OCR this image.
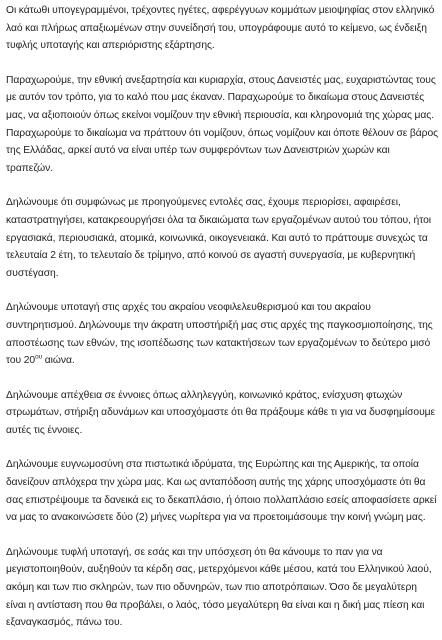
Οι κάτωθι υπογεγραμμένοι, τρέχοντες ηγέτες, αφερέγγυων κομμάτων μειοψηφίας στον ελληνικό λαό και πλήρως απαξιωμένων στην συνείδησή του, υπογράφουμε αυτό το κείμενο, ως ένδειξη τυφλής υποταγής και απεριόριστης εξάρτησης.

Παραχωρούμε, την εθνική ανεξαρτησία και κυριαρχία, στους Δανειστές μας, ευχαριστώντας τους με αυτόν τον τρόπο, για το καλό που μας έκαναν. Παραχωρούμε το δικαίωμα στους Δανειστές μας, να αξιοποιούν όπως εκείνοι νομίζουν την εθνική περιουσία, και κληρονομιά της χώρας μας. Παραχωρούμε το δικαίωμα να πράττουν ότι νομίζουν, όπως νομίζουν και όποτε θέλουν σε βάρος της Ελλάδας, αρκεί αυτό να είναι υπέρ των συμφερόντων των Δανειστριών χωρών και τραπεζών.

Δηλώνουμε ότι συμφώνως με προηγούμενες εντολές σας, έχουμε περιορίσει, αφαιρέσει, καταστρατηγήσει, κατακρεουργήσει όλα τα δικαιώματα των εργαζομένων αυτού του τόπου, ήτοι εργασιακά, περιουσιακά, ατομικά, κοινωνικά, οικογενειακά. Και αυτό το πράττουμε συνεχώς τα τελευταία 2 έτη, το τελευταίο δε τρίμηνο, από κοινού σε αγαστή συνεργασία, με κυβερνητική συστέγαση.

Δηλώνουμε υποταγή στις αρχές του ακραίου νεοφιλελευθερισμού και του ακραίου συντηρητισμού. Δηλώνουμε την άκρατη υποστήριξή μας στις αρχές της παγκοσμιοποίησης, της αποστέωσης των εθνών, της ισοπέδωσης των κατακτήσεων των εργαζομένων το δεύτερο μισό του $20^{o\upsilon}$ αιώνα.

Δηλώνουμε απέχθεια σε έννοιες όπως αλληλεγγύη, κοινωνικό κράτος, ενίσχυση φτωχών στρωμάτων, στήριξη αδυνάμων και υποσχόμαστε ότι θα πράξουμε κάθε τι για να δυσφημίσουμε αυτές τις έννοιες.

Δηλώνουμε ευγνωμοσύνη στα πιστωτικά ιδρύματα, της Ευρώπης και της Αμερικής, τα οποία δανείζουν απλόχερα την χώρα μας. Και ως ανταπόδοση αυτής της χάρης υποσχόμαστε ότι θα σας επιστρέψουμε τα δανεικά εις το δεκαπλάσιο, ή όποιο πολλαπλάσιο εσείς αποφασίσετε αρκεί να μας το ανακοινώσετε δύο (2) μήνες νωρίτερα για να προετοιμάσουμε την κοινή γνώμη μας.

Δηλώνουμε τυφλή υποταγή, σε εσάς και την υπόσχεση ότι θα κάνουμε το παν για να μεγιστοποιηθούν, αυξηθούν τα κέρδη σας, μετερχόμενοι κάθε μέσου, κατά του Ελληνικού λαού, ακόμη και των πιο σκληρών, των πιο οδυνηρών, των πιο αποτρόπαιων. Όσο δε μεγαλύτερη είναι η αντίσταση που θα προβάλει, ο λαός, τόσο μεγαλύτερη θα είναι και η δική μας πίεση και εξαναγκασμός, πάνω του.
